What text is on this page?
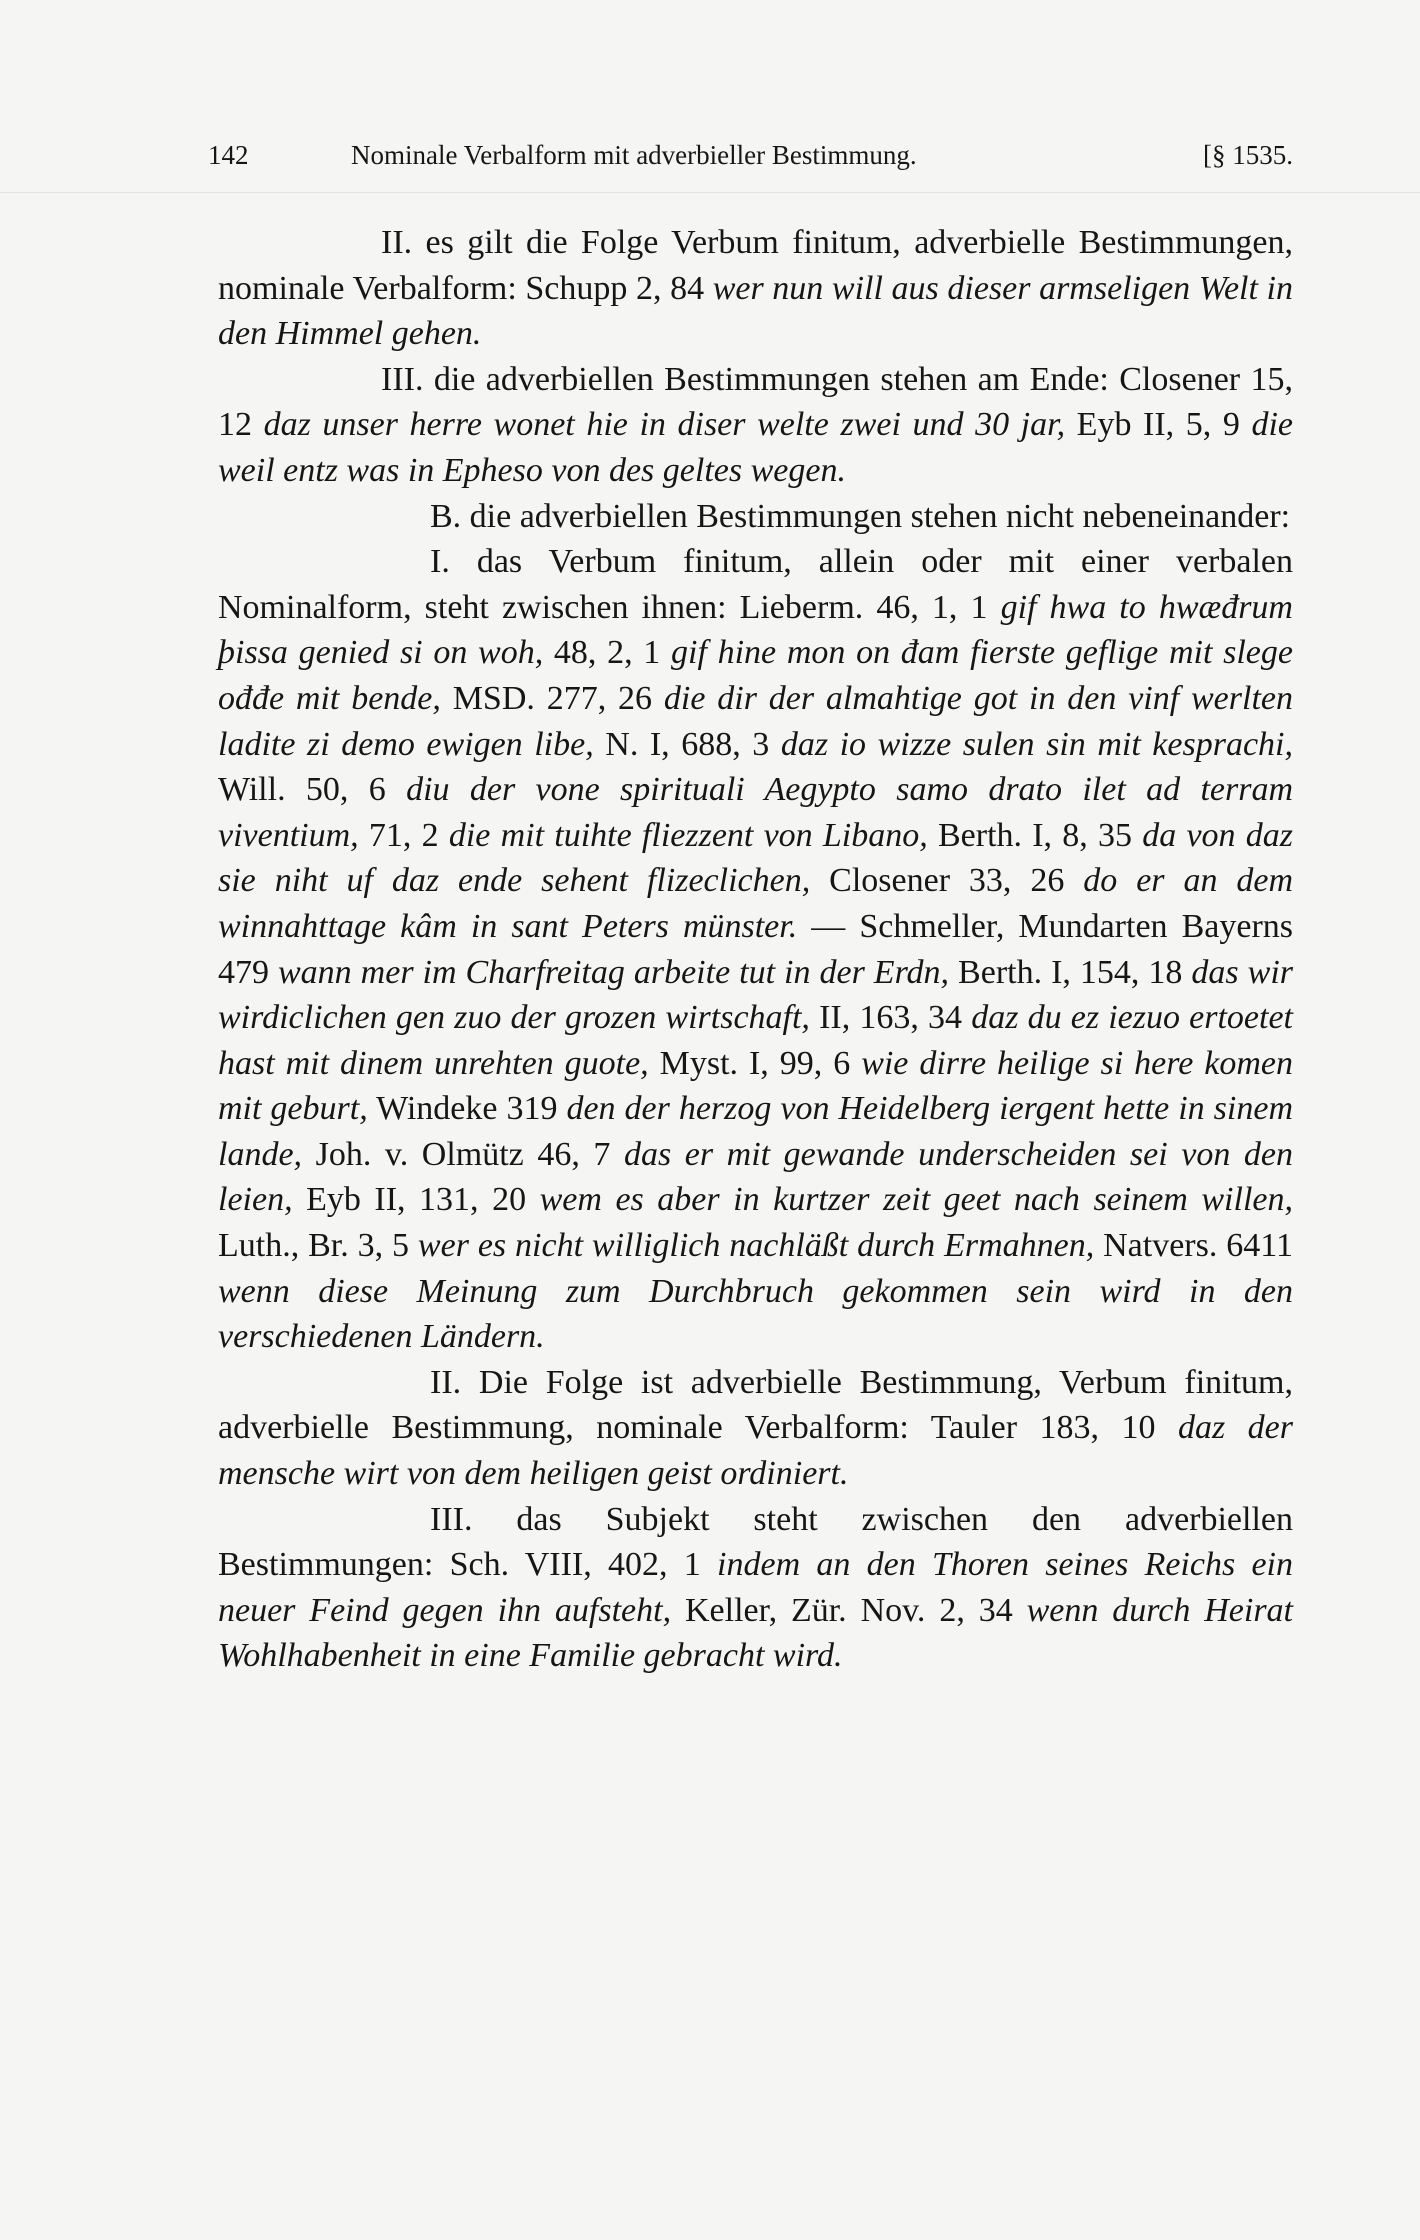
142	Nominale Verbalform mit adverbieller Bestimmung.	[§ 1535.

II. es gilt die Folge Verbum finitum, adverbielle Bestimmungen, nominale Verbalform: Schupp 2, 84 wer nun will aus dieser armseligen Welt in den Himmel gehen.

III. die adverbiellen Bestimmungen stehen am Ende: Closener 15, 12 daz unser herre wonet hie in diser welte zwei und 30 jar, Eyb II, 5, 9 die weil entz was in Epheso von des geltes wegen.

B. die adverbiellen Bestimmungen stehen nicht nebeneinander:

I. das Verbum finitum, allein oder mit einer verbalen Nominalform, steht zwischen ihnen: Lieberm. 46, 1, 1 gif hwa to hwæđrum þissa genied si on woh, 48, 2, 1 gif hine mon on đam fierste geflige mit slege ođđe mit bende, MSD. 277, 26 die dir der almahtige got in den vinf werlten ladite zi demo ewigen libe, N. I, 688, 3 daz io wizze sulen sin mit kesprachi, Will. 50, 6 diu der vone spirituali Aegypto samo drato ilet ad terram viventium, 71, 2 die mit tuihte fliezzent von Libano, Berth. I, 8, 35 da von daz sie niht uf daz ende sehent flizeclichen, Closener 33, 26 do er an dem winnahttage kâm in sant Peters münster. — Schmeller, Mundarten Bayerns 479 wann mer im Charfreitag arbeite tut in der Erdn, Berth. I, 154, 18 das wir wirdiclichen gen zuo der grozen wirtschaft, II, 163, 34 daz du ez iezuo ertoetet hast mit dinem unrehten guote, Myst. I, 99, 6 wie dirre heilige si here komen mit geburt, Windeke 319 den der herzog von Heidelberg iergent hette in sinem lande, Joh. v. Olmütz 46, 7 das er mit gewande underscheiden sei von den leien, Eyb II, 131, 20 wem es aber in kurtzer zeit geet nach seinem willen, Luth., Br. 3, 5 wer es nicht williglich nachläßt durch Ermahnen, Natvers. 6411 wenn diese Meinung zum Durchbruch gekommen sein wird in den verschiedenen Ländern.

II. Die Folge ist adverbielle Bestimmung, Verbum finitum, adverbielle Bestimmung, nominale Verbalform: Tauler 183, 10 daz der mensche wirt von dem heiligen geist ordiniert.

III. das Subjekt steht zwischen den adverbiellen Bestimmungen: Sch. VIII, 402, 1 indem an den Thoren seines Reichs ein neuer Feind gegen ihn aufsteht, Keller, Zür. Nov. 2, 34 wenn durch Heirat Wohlhabenheit in eine Familie gebracht wird.
